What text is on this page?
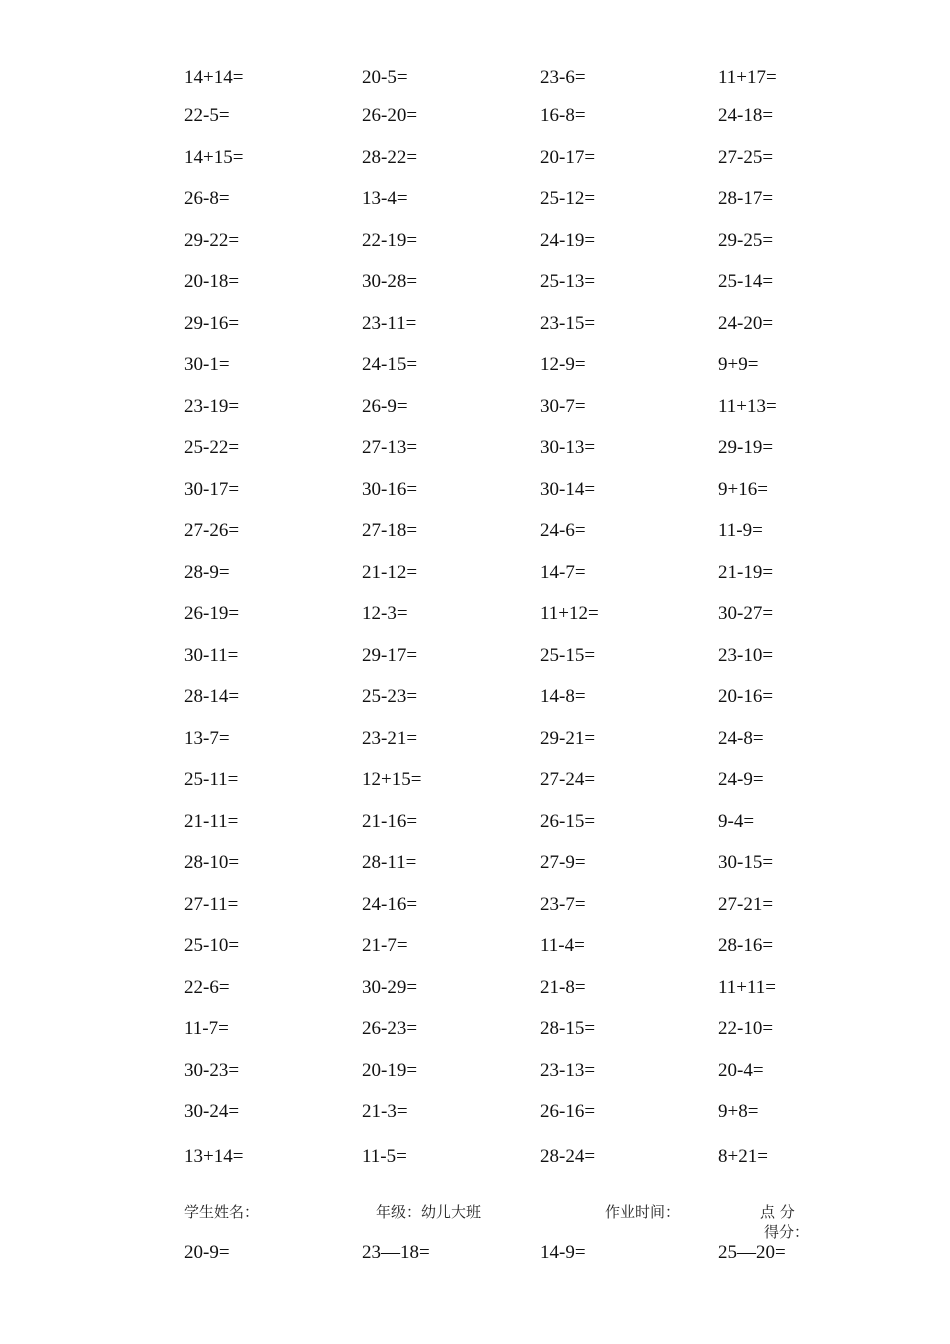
14+14=	20-5=	23-6=	11+17=
22-5=	26-20=	16-8=	24-18=
14+15=	28-22=	20-17=	27-25=
26-8=	13-4=	25-12=	28-17=
29-22=	22-19=	24-19=	29-25=
20-18=	30-28=	25-13=	25-14=
29-16=	23-11=	23-15=	24-20=
30-1=	24-15=	12-9=	9+9=
23-19=	26-9=	30-7=	11+13=
25-22=	27-13=	30-13=	29-19=
30-17=	30-16=	30-14=	9+16=
27-26=	27-18=	24-6=	11-9=
28-9=	21-12=	14-7=	21-19=
26-19=	12-3=	11+12=	30-27=
30-11=	29-17=	25-15=	23-10=
28-14=	25-23=	14-8=	20-16=
13-7=	23-21=	29-21=	24-8=
25-11=	12+15=	27-24=	24-9=
21-11=	21-16=	26-15=	9-4=
28-10=	28-11=	27-9=	30-15=
27-11=	24-16=	23-7=	27-21=
25-10=	21-7=	11-4=	28-16=
22-6=	30-29=	21-8=	11+11=
11-7=	26-23=	28-15=	22-10=
30-23=	20-19=	23-13=	20-4=
30-24=	21-3=	26-16=	9+8=
13+14=	11-5=	28-24=	8+21=
学生姓名：	年级：幼儿大班	作业时间：	点 分
得分：
20-9=	23—18=	14-9=	25—20=
